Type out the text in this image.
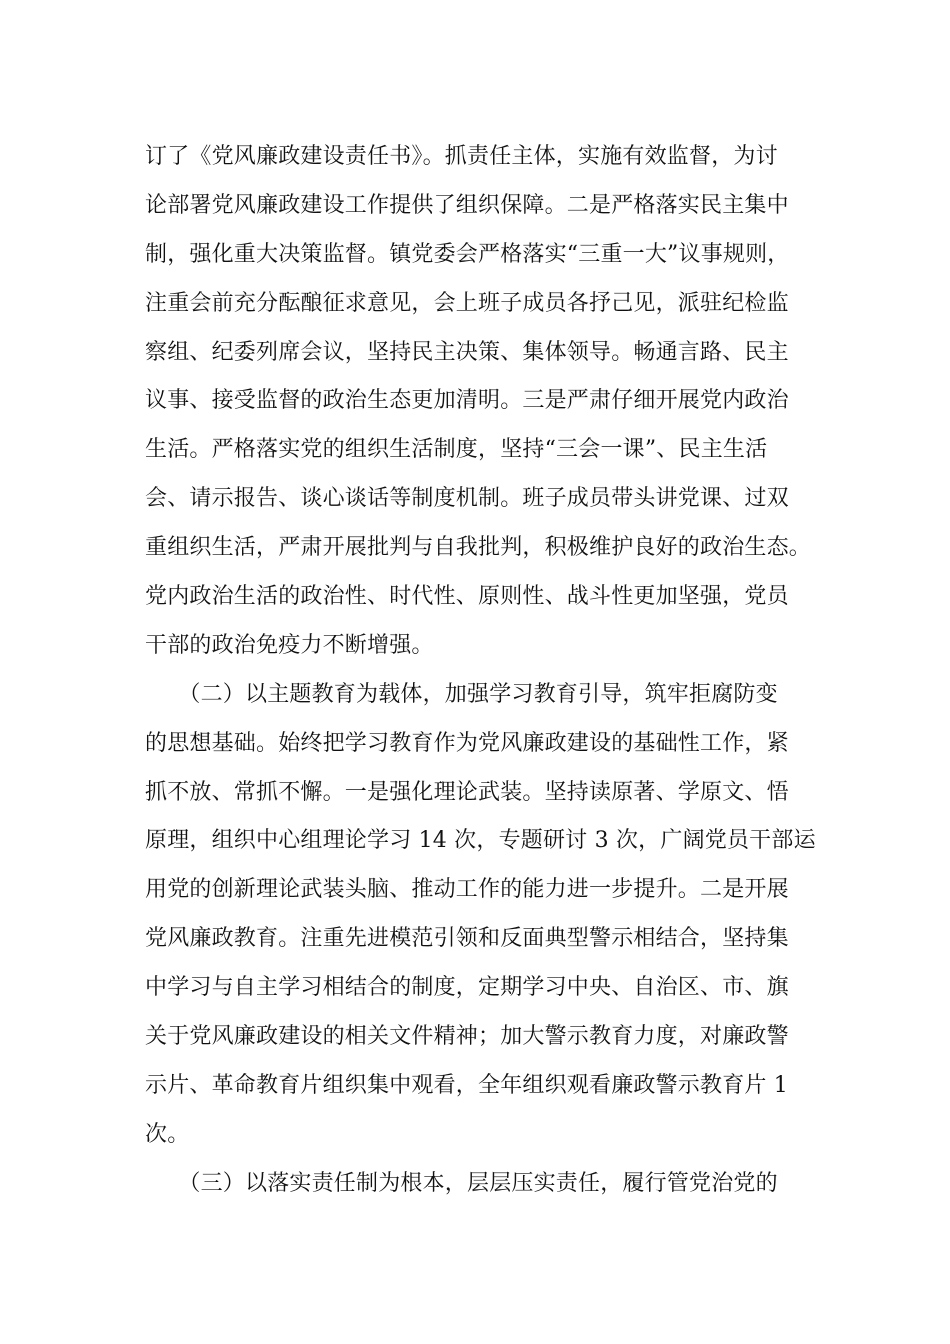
订了《党风廉政建设责任书》。抓责任主体，实施有效监督，为讨
论部署党风廉政建设工作提供了组织保障。二是严格落实民主集中
制，强化重大决策监督。镇党委会严格落实“三重一大”议事规则，
注重会前充分酝酿征求意见，会上班子成员各抒己见，派驻纪检监
察组、纪委列席会议，坚持民主决策、集体领导。畅通言路、民主
议事、接受监督的政治生态更加清明。三是严肃仔细开展党内政治
生活。严格落实党的组织生活制度，坚持“三会一课”、民主生活
会、请示报告、谈心谈话等制度机制。班子成员带头讲党课、过双
重组织生活，严肃开展批判与自我批判，积极维护良好的政治生态。
党内政治生活的政治性、时代性、原则性、战斗性更加坚强，党员
干部的政治免疫力不断增强。
　　（二）以主题教育为载体，加强学习教育引导，筑牢拒腐防变
的思想基础。始终把学习教育作为党风廉政建设的基础性工作，紧
抓不放、常抓不懈。一是强化理论武装。坚持读原著、学原文、悟
原理，组织中心组理论学习 14 次，专题研讨 3 次，广阔党员干部运
用党的创新理论武装头脑、推动工作的能力进一步提升。二是开展
党风廉政教育。注重先进模范引领和反面典型警示相结合，坚持集
中学习与自主学习相结合的制度，定期学习中央、自治区、市、旗
关于党风廉政建设的相关文件精神；加大警示教育力度，对廉政警
示片、革命教育片组织集中观看，全年组织观看廉政警示教育片 1
次。
　　（三）以落实责任制为根本，层层压实责任，履行管党治党的
